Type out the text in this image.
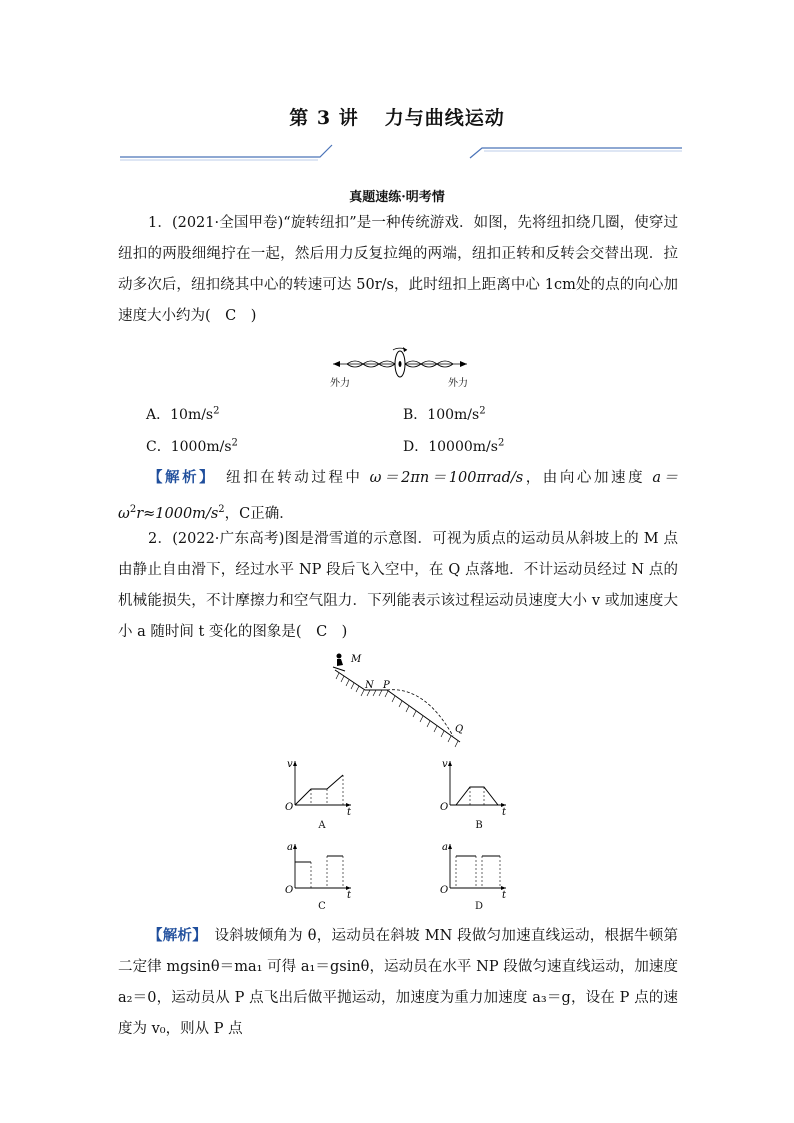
第 3 讲 力与曲线运动
真题速练·明考情
1．(2021·全国甲卷)“旋转纽扣”是一种传统游戏．如图，先将纽扣绕几圈，使穿过纽扣的两股细绳拧在一起，然后用力反复拉绳的两端，纽扣正转和反转会交替出现．拉动多次后，纽扣绕其中心的转速可达 50r/s，此时纽扣上距离中心 1cm处的点的向心加速度大小约为(　C　)
外力	外力
A．$10m/s^2$	B．$100m/s^2$
C．$1000m/s^2$	D．$10000m/s^2$
【解析】　纽扣在转动过程中 ω＝2πn＝100πrad/s，由向心加速度 $a=\omega^2r\approx 1000m/s^2$，C正确．
2．(2022·广东高考)图是滑雪道的示意图．可视为质点的运动员从斜坡上的 M 点由静止自由滑下，经过水平 NP 段后飞入空中，在 Q 点落地．不计运动员经过 N 点的机械能损失，不计摩擦力和空气阻力．下列能表示该过程运动员速度大小 v 或加速度大小 a 随时间 t 变化的图象是(　C　)
M
N P
Q
v
O	t
A
v
O	t
B
a
O	t
C
a
O	t
D
【解析】　设斜坡倾角为 θ，运动员在斜坡 MN 段做匀加速直线运动，根据牛顿第二定律 mgsinθ＝ma₁ 可得 a₁＝gsinθ，运动员在水平 NP 段做匀速直线运动，加速度 a₂＝0，运动员从 P 点飞出后做平抛运动，加速度为重力加速度 a₃＝g，设在 P 点的速度为 v₀，则从 P 点
